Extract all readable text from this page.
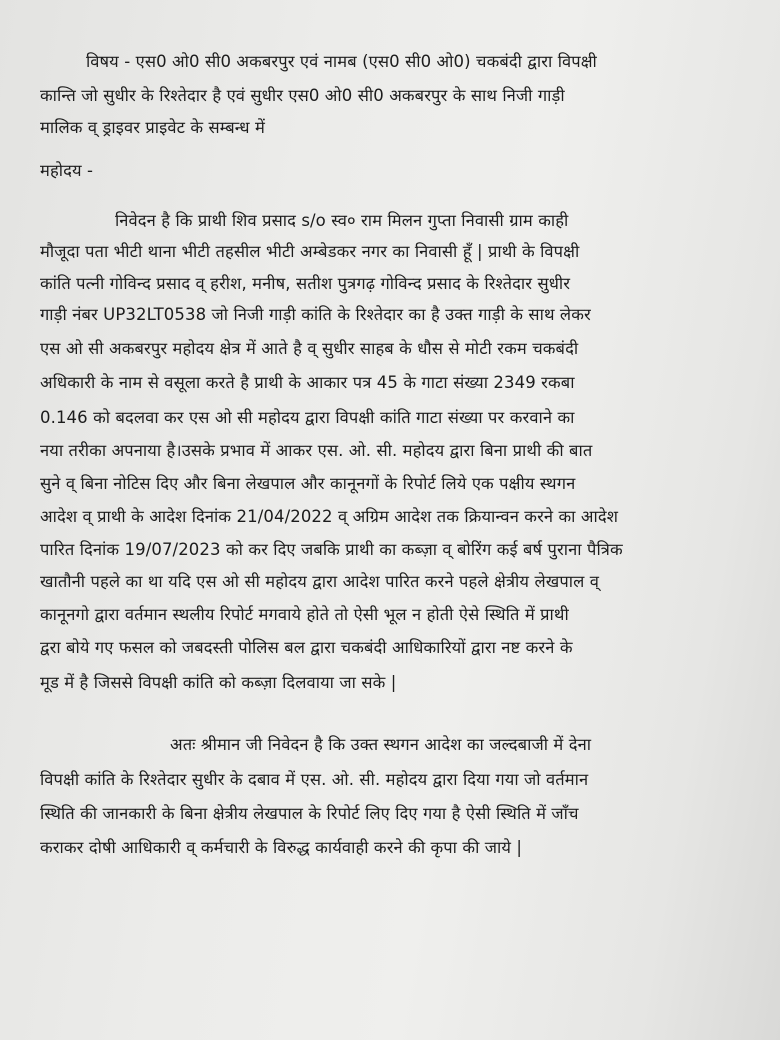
विषय - एस0 ओ0 सी0 अकबरपुर एवं नामब (एस0 सी0 ओ0) चकबंदी द्वारा विपक्षी
कान्ति जो सुधीर के रिश्तेदार है एवं सुधीर एस0 ओ0 सी0 अकबरपुर के साथ निजी गाड़ी
मालिक व् ड्राइवर प्राइवेट के सम्बन्ध में
महोदय -
निवेदन है कि प्राथी शिव प्रसाद s/o स्व० राम मिलन गुप्ता निवासी ग्राम काही
मौजूदा पता भीटी थाना भीटी तहसील भीटी अम्बेडकर नगर का निवासी हूँ | प्राथी के विपक्षी
कांति पत्नी गोविन्द प्रसाद व् हरीश, मनीष, सतीश पुत्रगढ़ गोविन्द प्रसाद के रिश्तेदार सुधीर
गाड़ी नंबर UP32LT0538 जो निजी गाड़ी कांति के रिश्तेदार का है उक्त गाड़ी के साथ लेकर
एस ओ सी अकबरपुर महोदय क्षेत्र में आते है व् सुधीर साहब के धौस से मोटी रकम चकबंदी
अधिकारी के नाम से वसूला करते है प्राथी के आकार पत्र 45 के गाटा संख्या 2349 रकबा
0.146 को बदलवा कर एस ओ सी महोदय द्वारा विपक्षी कांति गाटा संख्या पर करवाने का
नया तरीका अपनाया है।उसके प्रभाव में आकर एस. ओ. सी. महोदय द्वारा बिना प्राथी की बात
सुने व् बिना नोटिस दिए और बिना लेखपाल और कानूनगों के रिपोर्ट लिये एक पक्षीय स्थगन
आदेश व् प्राथी के आदेश दिनांक 21/04/2022 व् अग्रिम आदेश तक क्रियान्वन करने का आदेश
पारित दिनांक 19/07/2023 को कर दिए जबकि प्राथी का कब्ज़ा व् बोरिंग कई बर्ष पुराना पैत्रिक
खातौनी पहले का था यदि एस ओ सी महोदय द्वारा आदेश पारित करने पहले क्षेत्रीय लेखपाल व्
कानूनगो द्वारा वर्तमान स्थलीय रिपोर्ट मगवाये होते तो ऐसी भूल न होती ऐसे स्थिति में प्राथी
द्वरा बोये गए फसल को जबदस्ती पोलिस बल द्वारा चकबंदी आधिकारियों द्वारा नष्ट करने के
मूड में है जिससे विपक्षी कांति को कब्ज़ा दिलवाया जा सके |
अतः श्रीमान जी निवेदन है कि उक्त स्थगन आदेश का जल्दबाजी में देना
विपक्षी कांति के रिश्तेदार सुधीर के दबाव में एस. ओ. सी. महोदय द्वारा दिया गया जो वर्तमान
स्थिति की जानकारी के बिना क्षेत्रीय लेखपाल के रिपोर्ट लिए दिए गया है ऐसी स्थिति में जाँच
कराकर दोषी आधिकारी व् कर्मचारी के विरुद्ध कार्यवाही करने की कृपा की जाये |
